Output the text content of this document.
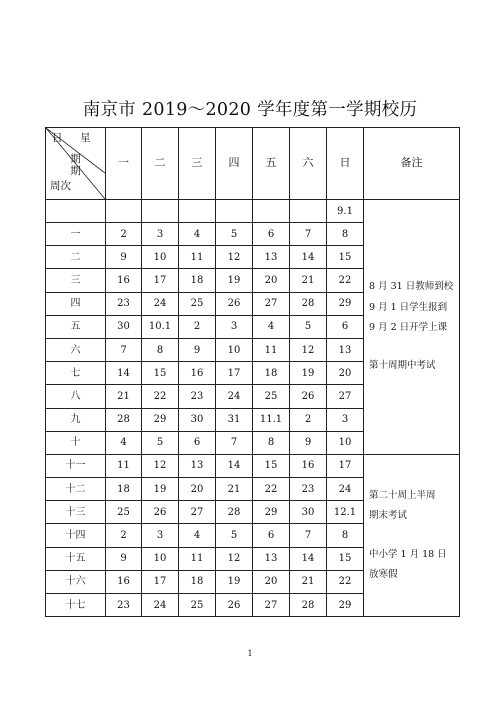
南京市 2019～2020 学年度第一学期校历
日 星
期期
周次	一	二	三	四	五	六	日	备注
							9.1	8 月 31 日教师到校
9 月 1 日学生报到
9 月 2 日开学上课
第十周期中考试

一	2	3	4	5	6	7	8	
二	9	10	11	12	13	14	15	
三	16	17	18	19	20	21	22	
四	23	24	25	26	27	28	29	
五	30	10.1	2	3	4	5	6	
六	7	8	9	10	11	12	13	
七	14	15	16	17	18	19	20	
八	21	22	23	24	25	26	27	
九	28	29	30	31	11.1	2	3	
十	4	5	6	7	8	9	10	
十一	11	12	13	14	15	16	17	第二十周上半周
期末考试
中小学 1 月 18 日
放寒假

十二	18	19	20	21	22	23	24	
十三	25	26	27	28	29	30	12.1	
十四	2	3	4	5	6	7	8	
十五	9	10	11	12	13	14	15	
十六	16	17	18	19	20	21	22	
十七	23	24	25	26	27	28	29	
1
